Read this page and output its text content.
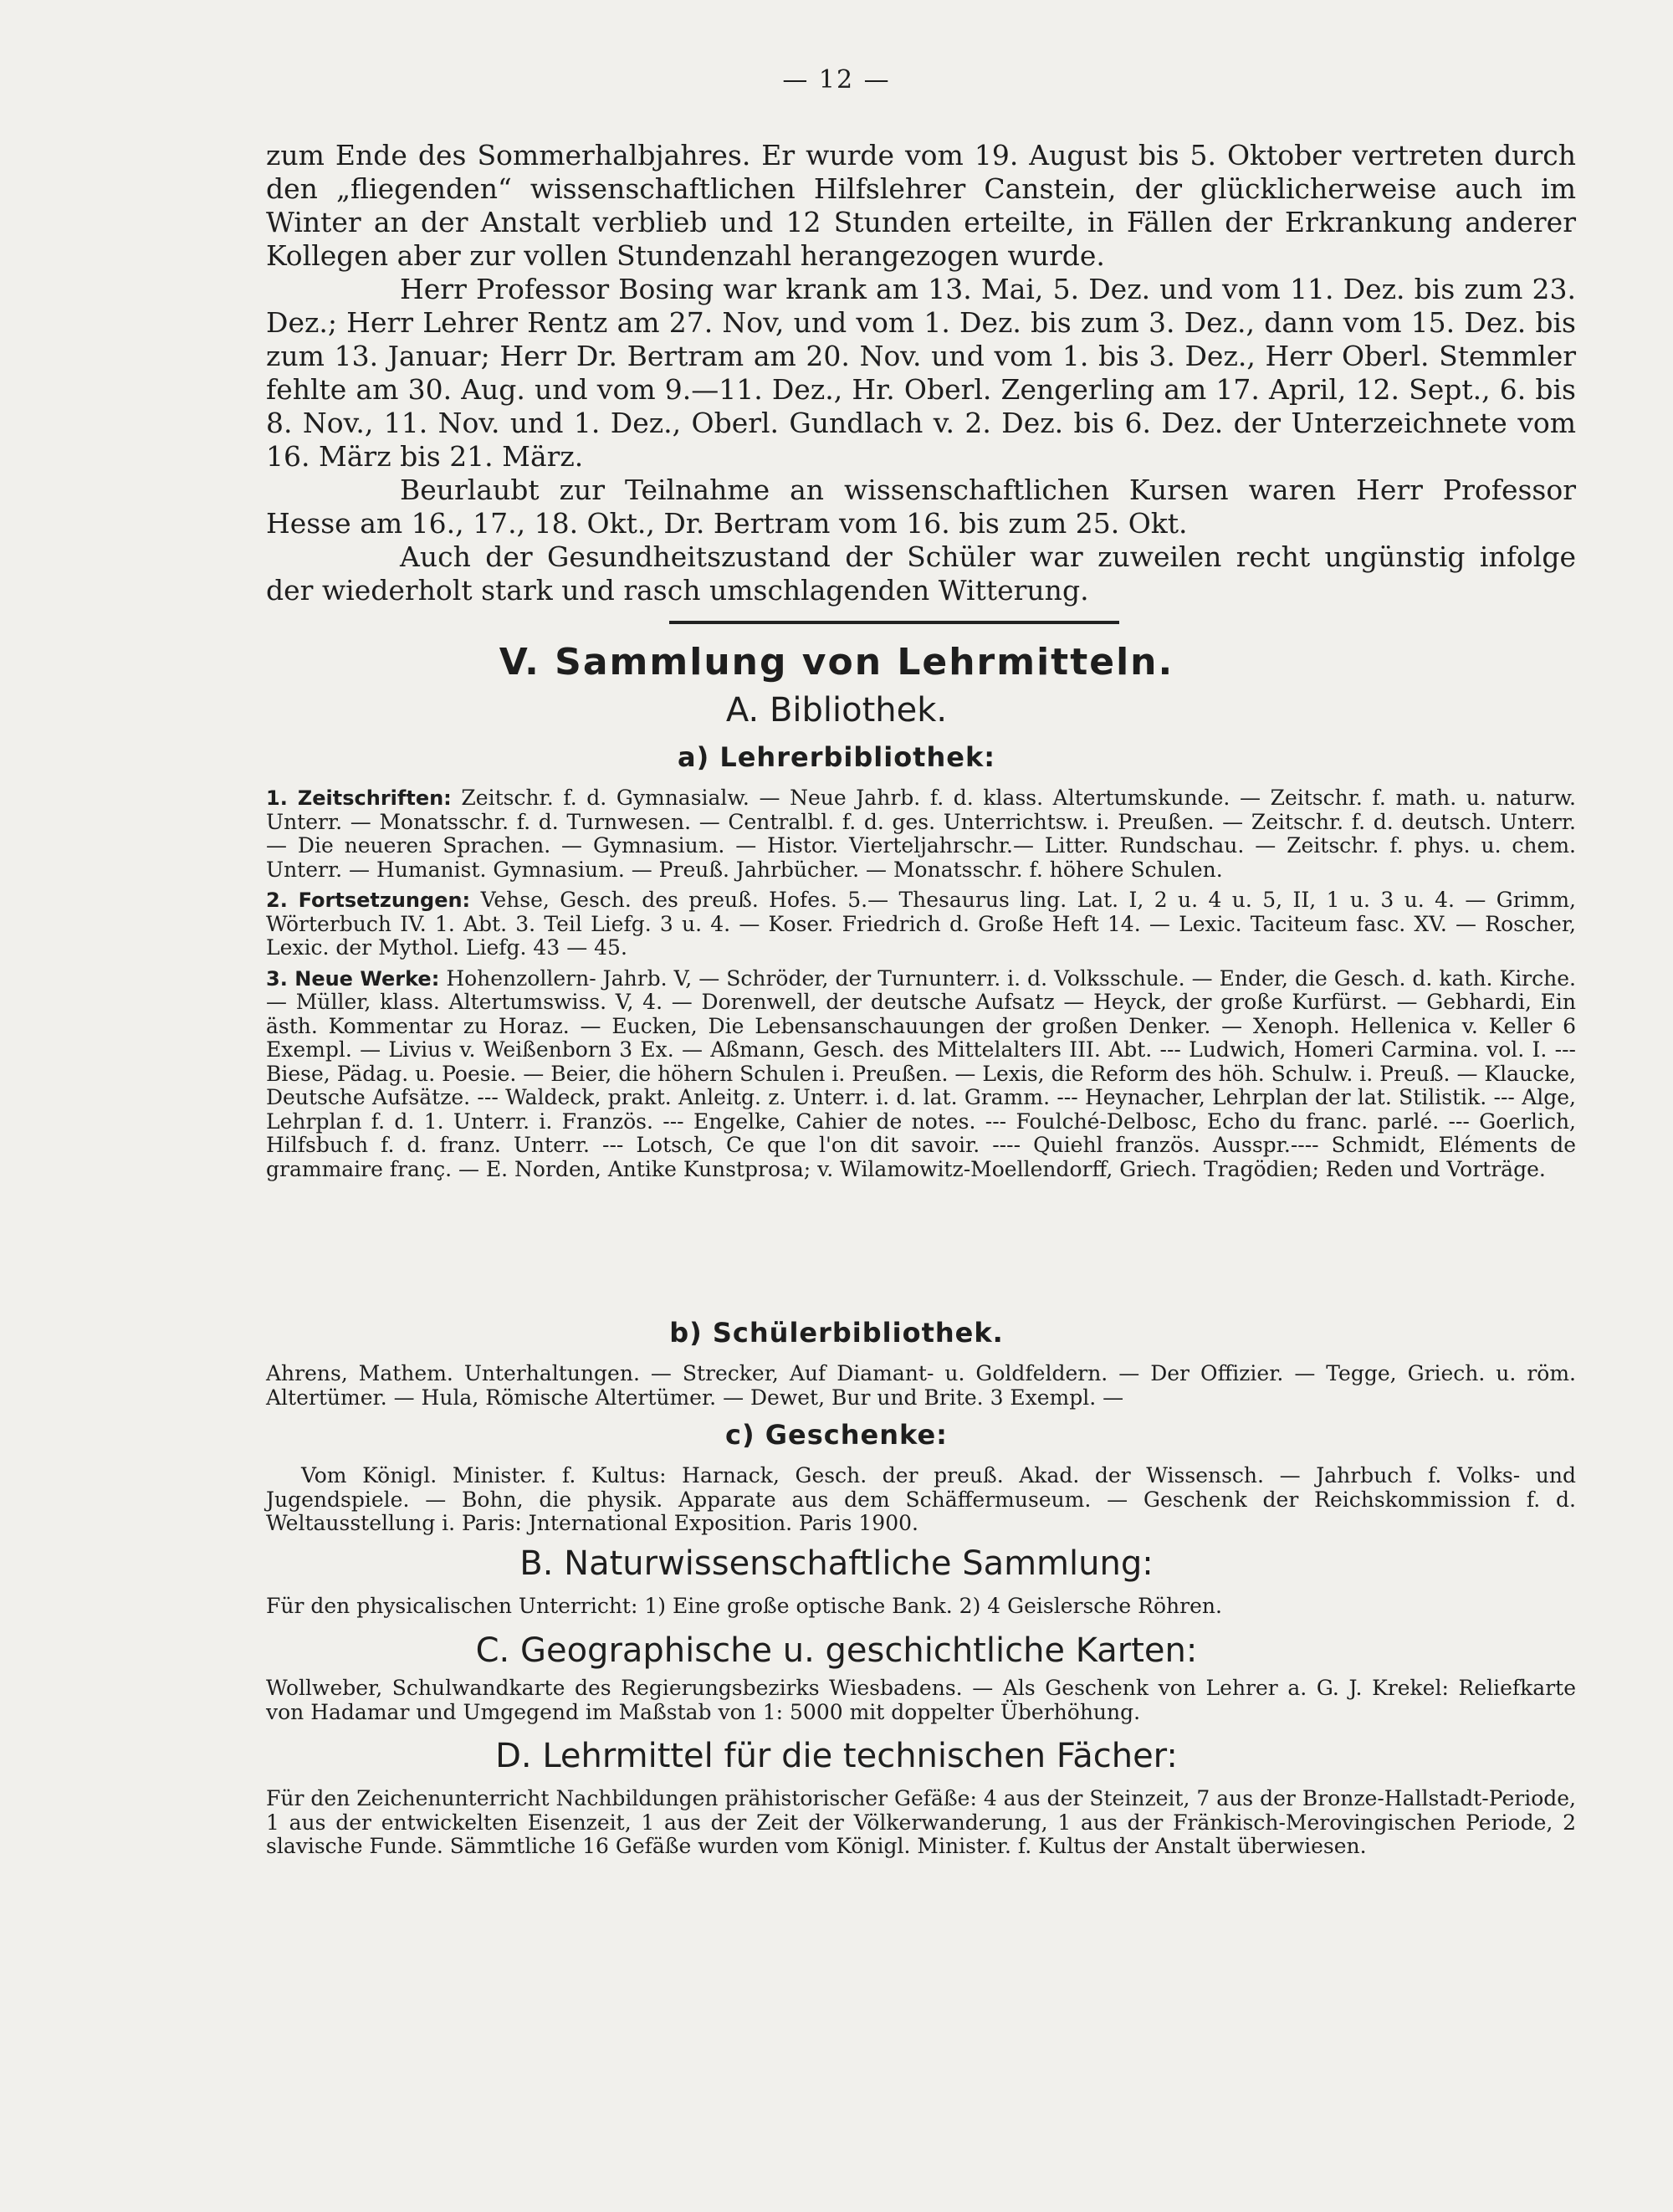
— 12 —

zum Ende des Sommerhalbjahres. Er wurde vom 19. August bis 5. Oktober vertreten durch den „fliegenden“ wissenschaftlichen Hilfslehrer Canstein, der glücklicherweise auch im Winter an der Anstalt verblieb und 12 Stunden erteilte, in Fällen der Erkrankung anderer Kollegen aber zur vollen Stundenzahl herangezogen wurde.

Herr Professor Bosing war krank am 13. Mai, 5. Dez. und vom 11. Dez. bis zum 23. Dez.; Herr Lehrer Rentz am 27. Nov, und vom 1. Dez. bis zum 3. Dez., dann vom 15. Dez. bis zum 13. Januar; Herr Dr. Bertram am 20. Nov. und vom 1. bis 3. Dez., Herr Oberl. Stemmler fehlte am 30. Aug. und vom 9.—11. Dez., Hr. Oberl. Zengerling am 17. April, 12. Sept., 6. bis 8. Nov., 11. Nov. und 1. Dez., Oberl. Gundlach v. 2. Dez. bis 6. Dez. der Unterzeichnete vom 16. März bis 21. März.

Beurlaubt zur Teilnahme an wissenschaftlichen Kursen waren Herr Professor Hesse am 16., 17., 18. Okt., Dr. Bertram vom 16. bis zum 25. Okt.

Auch der Gesundheitszustand der Schüler war zuweilen recht ungünstig infolge der wiederholt stark und rasch umschlagenden Witterung.

V. Sammlung von Lehrmitteln.
A. Bibliothek.
a) Lehrerbibliothek:

1. Zeitschriften: Zeitschr. f. d. Gymnasialw. — Neue Jahrb. f. d. klass. Altertumskunde. — Zeitschr. f. math. u. naturw. Unterr. — Monatsschr. f. d. Turnwesen. — Centralbl. f. d. ges. Unterrichtsw. i. Preußen. — Zeitschr. f. d. deutsch. Unterr. — Die neueren Sprachen. — Gymnasium. — Histor. Vierteljahrschr.— Litter. Rundschau. — Zeitschr. f. phys. u. chem. Unterr. — Humanist. Gymnasium. — Preuß. Jahrbücher. — Monatsschr. f. höhere Schulen.

2. Fortsetzungen: Vehse, Gesch. des preuß. Hofes. 5.— Thesaurus ling. Lat. I, 2 u. 4 u. 5, II, 1 u. 3 u. 4. — Grimm, Wörterbuch IV. 1. Abt. 3. Teil Liefg. 3 u. 4. — Koser. Friedrich d. Große Heft 14. — Lexic. Taciteum fasc. XV. — Roscher, Lexic. der Mythol. Liefg. 43 — 45.

3. Neue Werke: Hohenzollern- Jahrb. V, — Schröder, der Turnunterr. i. d. Volksschule. — Ender, die Gesch. d. kath. Kirche. — Müller, klass. Altertumswiss. V, 4. — Dorenwell, der deutsche Aufsatz — Heyck, der große Kurfürst. — Gebhardi, Ein ästh. Kommentar zu Horaz. — Eucken, Die Lebensanschauungen der großen Denker. — Xenoph. Hellenica v. Keller 6 Exempl. — Livius v. Weißenborn 3 Ex. — Aßmann, Gesch. des Mittelalters III. Abt. --- Ludwich, Homeri Carmina. vol. I. --- Biese, Pädag. u. Poesie. — Beier, die höhern Schulen i. Preußen. — Lexis, die Reform des höh. Schulw. i. Preuß. — Klaucke, Deutsche Aufsätze. --- Waldeck, prakt. Anleitg. z. Unterr. i. d. lat. Gramm. --- Heynacher, Lehrplan der lat. Stilistik. --- Alge, Lehrplan f. d. 1. Unterr. i. Französ. --- Engelke, Cahier de notes. --- Foulché-Delbosc, Echo du franc. parlé. --- Goerlich, Hilfsbuch f. d. franz. Unterr. --- Lotsch, Ce que l'on dit savoir. ---- Quiehl französ. Ausspr.---- Schmidt, Eléments de grammaire franç. — E. Norden, Antike Kunstprosa; v. Wilamowitz-Moellendorff, Griech. Tragödien; Reden und Vorträge.

b) Schülerbibliothek.

Ahrens, Mathem. Unterhaltungen. — Strecker, Auf Diamant- u. Goldfeldern. — Der Offizier. — Tegge, Griech. u. röm. Altertümer. — Hula, Römische Altertümer. — Dewet, Bur und Brite. 3 Exempl. —

c) Geschenke:

Vom Königl. Minister. f. Kultus: Harnack, Gesch. der preuß. Akad. der Wissensch. — Jahrbuch f. Volks- und Jugendspiele. — Bohn, die physik. Apparate aus dem Schäffermuseum. — Geschenk der Reichskommission f. d. Weltausstellung i. Paris: Jnternational Exposition. Paris 1900.

B. Naturwissenschaftliche Sammlung:

Für den physicalischen Unterricht: 1) Eine große optische Bank. 2) 4 Geislersche Röhren.

C. Geographische u. geschichtliche Karten:

Wollweber, Schulwandkarte des Regierungsbezirks Wiesbadens. — Als Geschenk von Lehrer a. G. J. Krekel: Reliefkarte von Hadamar und Umgegend im Maßstab von 1: 5000 mit doppelter Überhöhung.

D. Lehrmittel für die technischen Fächer:

Für den Zeichenunterricht Nachbildungen prähistorischer Gefäße: 4 aus der Steinzeit, 7 aus der Bronze-Hallstadt-Periode, 1 aus der entwickelten Eisenzeit, 1 aus der Zeit der Völkerwanderung, 1 aus der Fränkisch-Merovingischen Periode, 2 slavische Funde. Sämmtliche 16 Gefäße wurden vom Königl. Minister. f. Kultus der Anstalt überwiesen.
